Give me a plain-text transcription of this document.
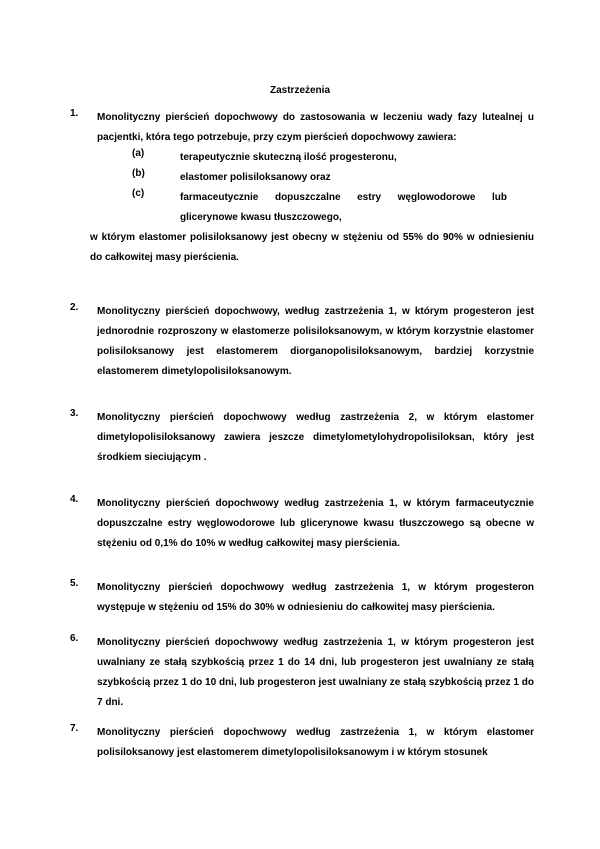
Zastrzeżenia
1.	Monolityczny pierścień dopochwowy do zastosowania w leczeniu wady fazy lutealnej u pacjentki, która tego potrzebuje, przy czym pierścień dopochwowy zawiera:
(a)	terapeutycznie skuteczną ilość progesteronu,
(b)	elastomer polisiloksanowy oraz
(c)	farmaceutycznie dopuszczalne estry węglowodorowe lub glicerynowe kwasu tłuszczowego,
w którym elastomer polisiloksanowy jest obecny w stężeniu od 55% do 90% w odniesieniu do całkowitej masy pierścienia.
2.	Monolityczny pierścień dopochwowy, według zastrzeżenia 1, w którym progesteron jest jednorodnie rozproszony w elastomerze polisiloksanowym, w którym korzystnie elastomer polisiloksanowy jest elastomerem diorganopolisiloksanowym, bardziej korzystnie elastomerem dimetylopolisiloksanowym.
3.	Monolityczny pierścień dopochwowy według zastrzeżenia 2, w którym elastomer dimetylopolisiloksanowy zawiera jeszcze dimetylometylohydropolisiloksan, który jest środkiem sieciującym .
4.	Monolityczny pierścień dopochwowy według zastrzeżenia 1, w którym farmaceutycznie dopuszczalne estry węglowodorowe lub glicerynowe kwasu tłuszczowego są obecne w stężeniu od 0,1% do 10% w według całkowitej masy pierścienia.
5.	Monolityczny pierścień dopochwowy według zastrzeżenia 1, w którym progesteron występuje w stężeniu od 15% do 30% w odniesieniu do całkowitej masy pierścienia.
6.	Monolityczny pierścień dopochwowy według zastrzeżenia 1, w którym progesteron jest uwalniany ze stałą szybkością przez 1 do 14 dni, lub progesteron jest uwalniany ze stałą szybkością przez 1 do 10 dni, lub progesteron jest uwalniany ze stałą szybkością przez 1 do 7 dni.
7.	Monolityczny pierścień dopochwowy według zastrzeżenia 1, w którym elastomer polisiloksanowy jest elastomerem dimetylopolisiloksanowym i w którym stosunek
